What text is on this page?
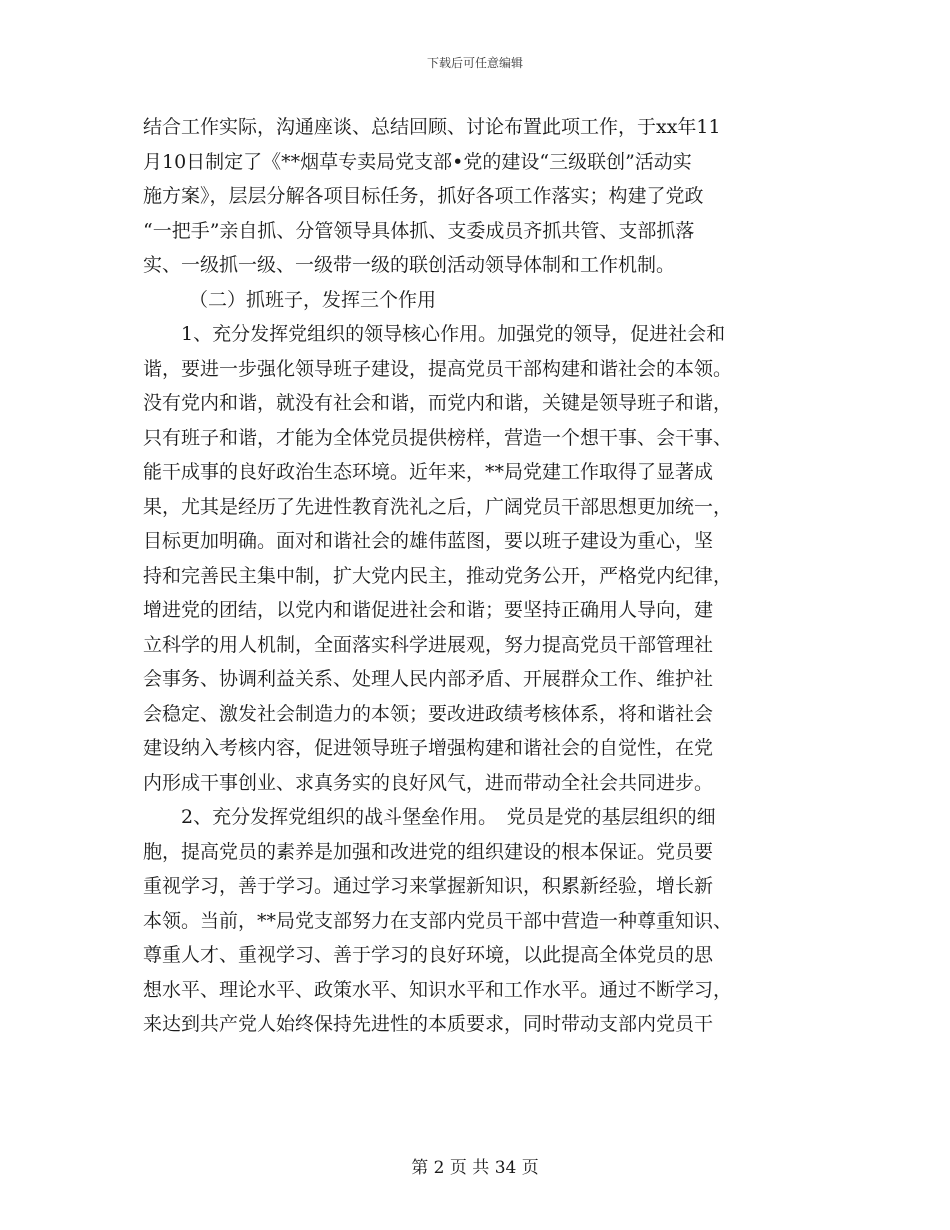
下载后可任意编辑
结合工作实际，沟通座谈、总结回顾、讨论布置此项工作，于xx年11
月10日制定了《**烟草专卖局党支部•党的建设“三级联创”活动实
施方案》，层层分解各项目标任务，抓好各项工作落实；构建了党政
“一把手”亲自抓、分管领导具体抓、支委成员齐抓共管、支部抓落
实、一级抓一级、一级带一级的联创活动领导体制和工作机制。
（二）抓班子，发挥三个作用
1、充分发挥党组织的领导核心作用。加强党的领导，促进社会和
谐，要进一步强化领导班子建设，提高党员干部构建和谐社会的本领。
没有党内和谐，就没有社会和谐，而党内和谐，关键是领导班子和谐，
只有班子和谐，才能为全体党员提供榜样，营造一个想干事、会干事、
能干成事的良好政治生态环境。近年来，**局党建工作取得了显著成
果，尤其是经历了先进性教育洗礼之后，广阔党员干部思想更加统一，
目标更加明确。面对和谐社会的雄伟蓝图，要以班子建设为重心，坚
持和完善民主集中制，扩大党内民主，推动党务公开，严格党内纪律，
增进党的团结，以党内和谐促进社会和谐；要坚持正确用人导向，建
立科学的用人机制，全面落实科学进展观，努力提高党员干部管理社
会事务、协调利益关系、处理人民内部矛盾、开展群众工作、维护社
会稳定、激发社会制造力的本领；要改进政绩考核体系，将和谐社会
建设纳入考核内容，促进领导班子增强构建和谐社会的自觉性，在党
内形成干事创业、求真务实的良好风气，进而带动全社会共同进步。
2、充分发挥党组织的战斗堡垒作用。　党员是党的基层组织的细
胞，提高党员的素养是加强和改进党的组织建设的根本保证。党员要
重视学习，善于学习。通过学习来掌握新知识，积累新经验，增长新
本领。当前，**局党支部努力在支部内党员干部中营造一种尊重知识、
尊重人才、重视学习、善于学习的良好环境，以此提高全体党员的思
想水平、理论水平、政策水平、知识水平和工作水平。通过不断学习，
来达到共产党人始终保持先进性的本质要求，同时带动支部内党员干
第 2 页 共 34 页
